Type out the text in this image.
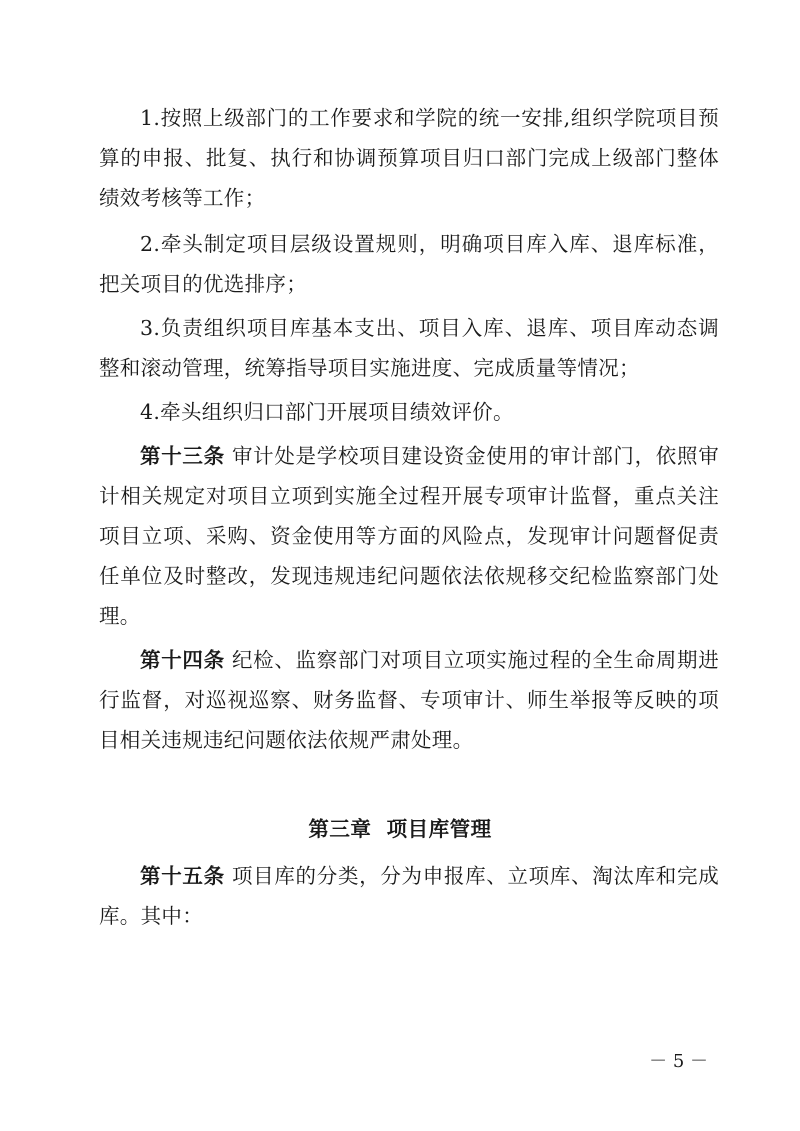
1.按照上级部门的工作要求和学院的统一安排,组织学院项目预算的申报、批复、执行和协调预算项目归口部门完成上级部门整体绩效考核等工作；

2.牵头制定项目层级设置规则，明确项目库入库、退库标准，把关项目的优选排序；

3.负责组织项目库基本支出、项目入库、退库、项目库动态调整和滚动管理，统筹指导项目实施进度、完成质量等情况；

4.牵头组织归口部门开展项目绩效评价。

第十三条 审计处是学校项目建设资金使用的审计部门，依照审计相关规定对项目立项到实施全过程开展专项审计监督，重点关注项目立项、采购、资金使用等方面的风险点，发现审计问题督促责任单位及时整改，发现违规违纪问题依法依规移交纪检监察部门处理。

第十四条 纪检、监察部门对项目立项实施过程的全生命周期进行监督，对巡视巡察、财务监督、专项审计、师生举报等反映的项目相关违规违纪问题依法依规严肃处理。

第三章  项目库管理

第十五条 项目库的分类，分为申报库、立项库、淘汰库和完成库。其中：

－ 5 －
